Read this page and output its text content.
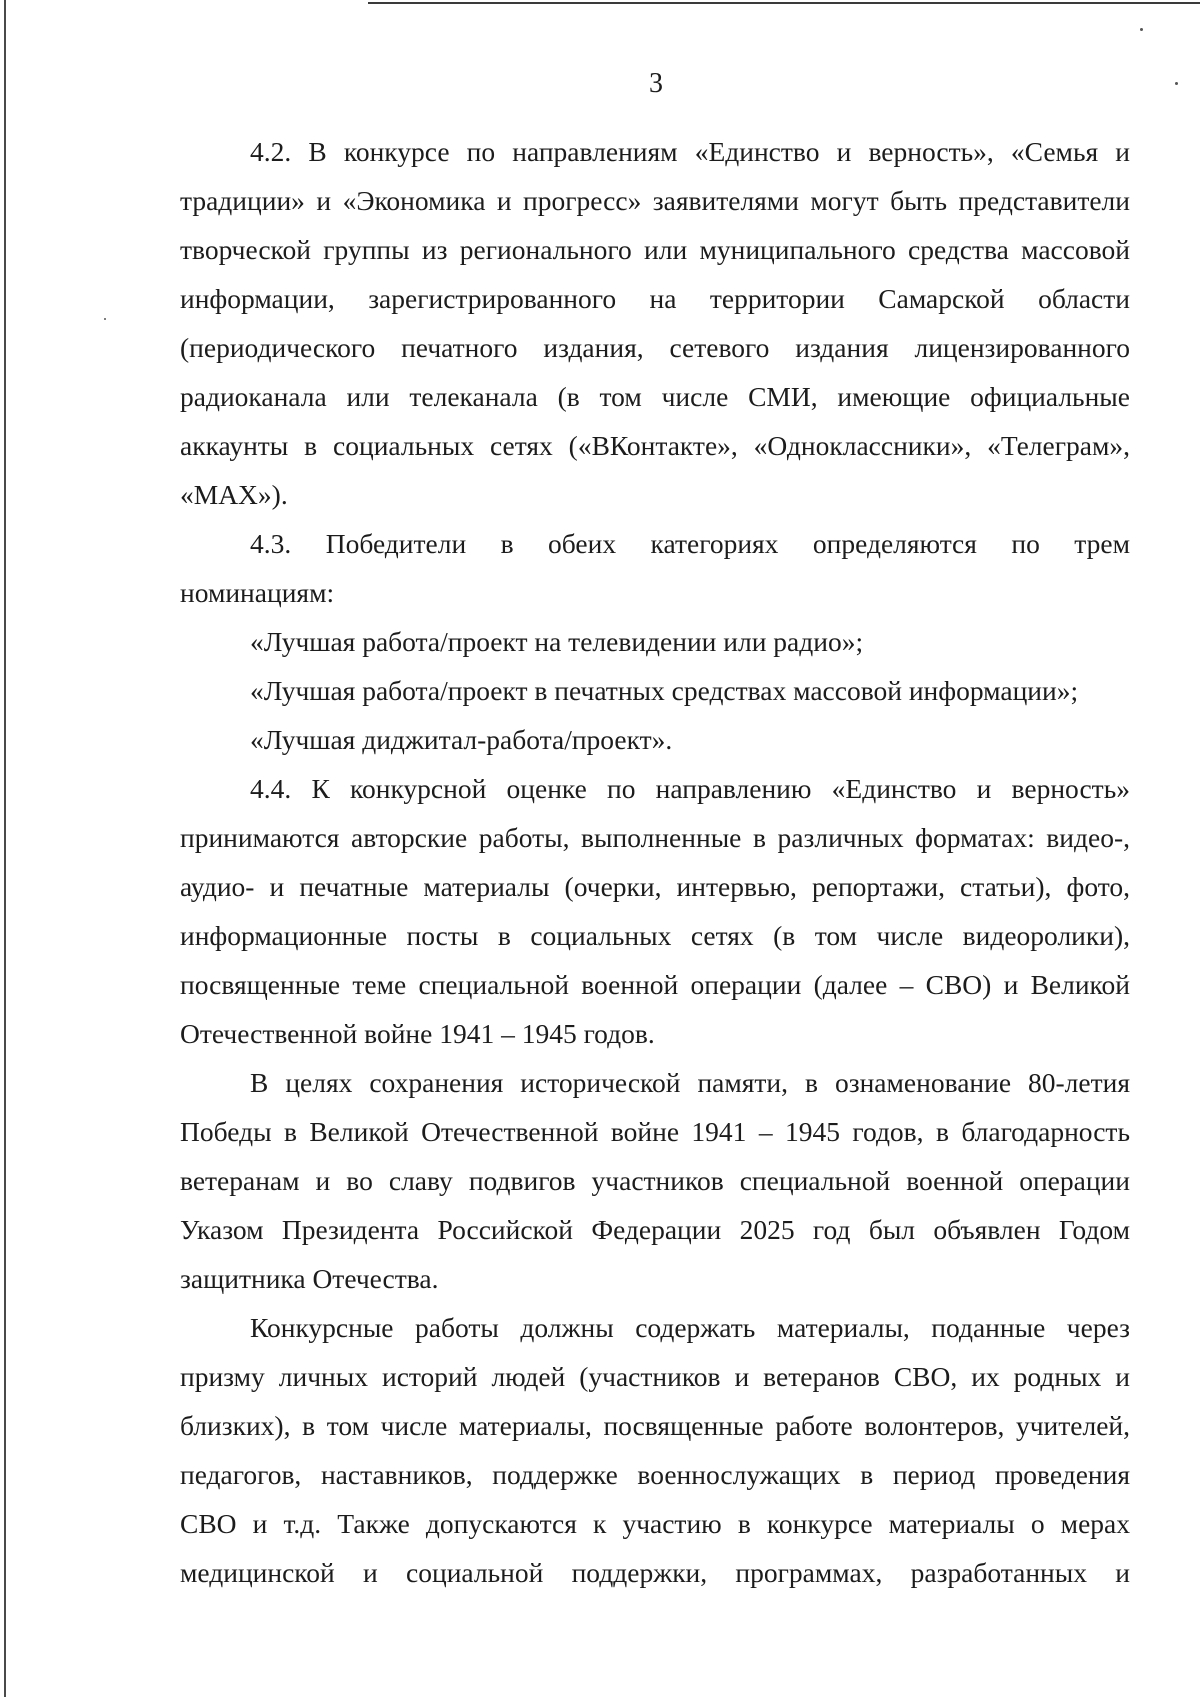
3
4.2. В конкурсе по направлениям «Единство и верность», «Семья и
традиции» и «Экономика и прогресс» заявителями могут быть представители
творческой группы из регионального или муниципального средства массовой
информации, зарегистрированного на территории Самарской области
(периодического печатного издания, сетевого издания лицензированного
радиоканала или телеканала (в том числе СМИ, имеющие официальные
аккаунты в социальных сетях («ВКонтакте», «Одноклассники», «Телеграм»,
«МАХ»).
4.3. Победители в обеих категориях определяются по трем
номинациям:
«Лучшая работа/проект на телевидении или радио»;
«Лучшая работа/проект в печатных средствах массовой информации»;
«Лучшая диджитал-работа/проект».
4.4. К конкурсной оценке по направлению «Единство и верность»
принимаются авторские работы, выполненные в различных форматах: видео-,
аудио- и печатные материалы (очерки, интервью, репортажи, статьи), фото,
информационные посты в социальных сетях (в том числе видеоролики),
посвященные теме специальной военной операции (далее – СВО) и Великой
Отечественной войне 1941 – 1945 годов.
В целях сохранения исторической памяти, в ознаменование 80-летия
Победы в Великой Отечественной войне 1941 – 1945 годов, в благодарность
ветеранам и во славу подвигов участников специальной военной операции
Указом Президента Российской Федерации 2025 год был объявлен Годом
защитника Отечества.
Конкурсные работы должны содержать материалы, поданные через
призму личных историй людей (участников и ветеранов СВО, их родных и
близких), в том числе материалы, посвященные работе волонтеров, учителей,
педагогов, наставников, поддержке военнослужащих в период проведения
СВО и т.д. Также допускаются к участию в конкурсе материалы о мерах
медицинской и социальной поддержки, программах, разработанных и
